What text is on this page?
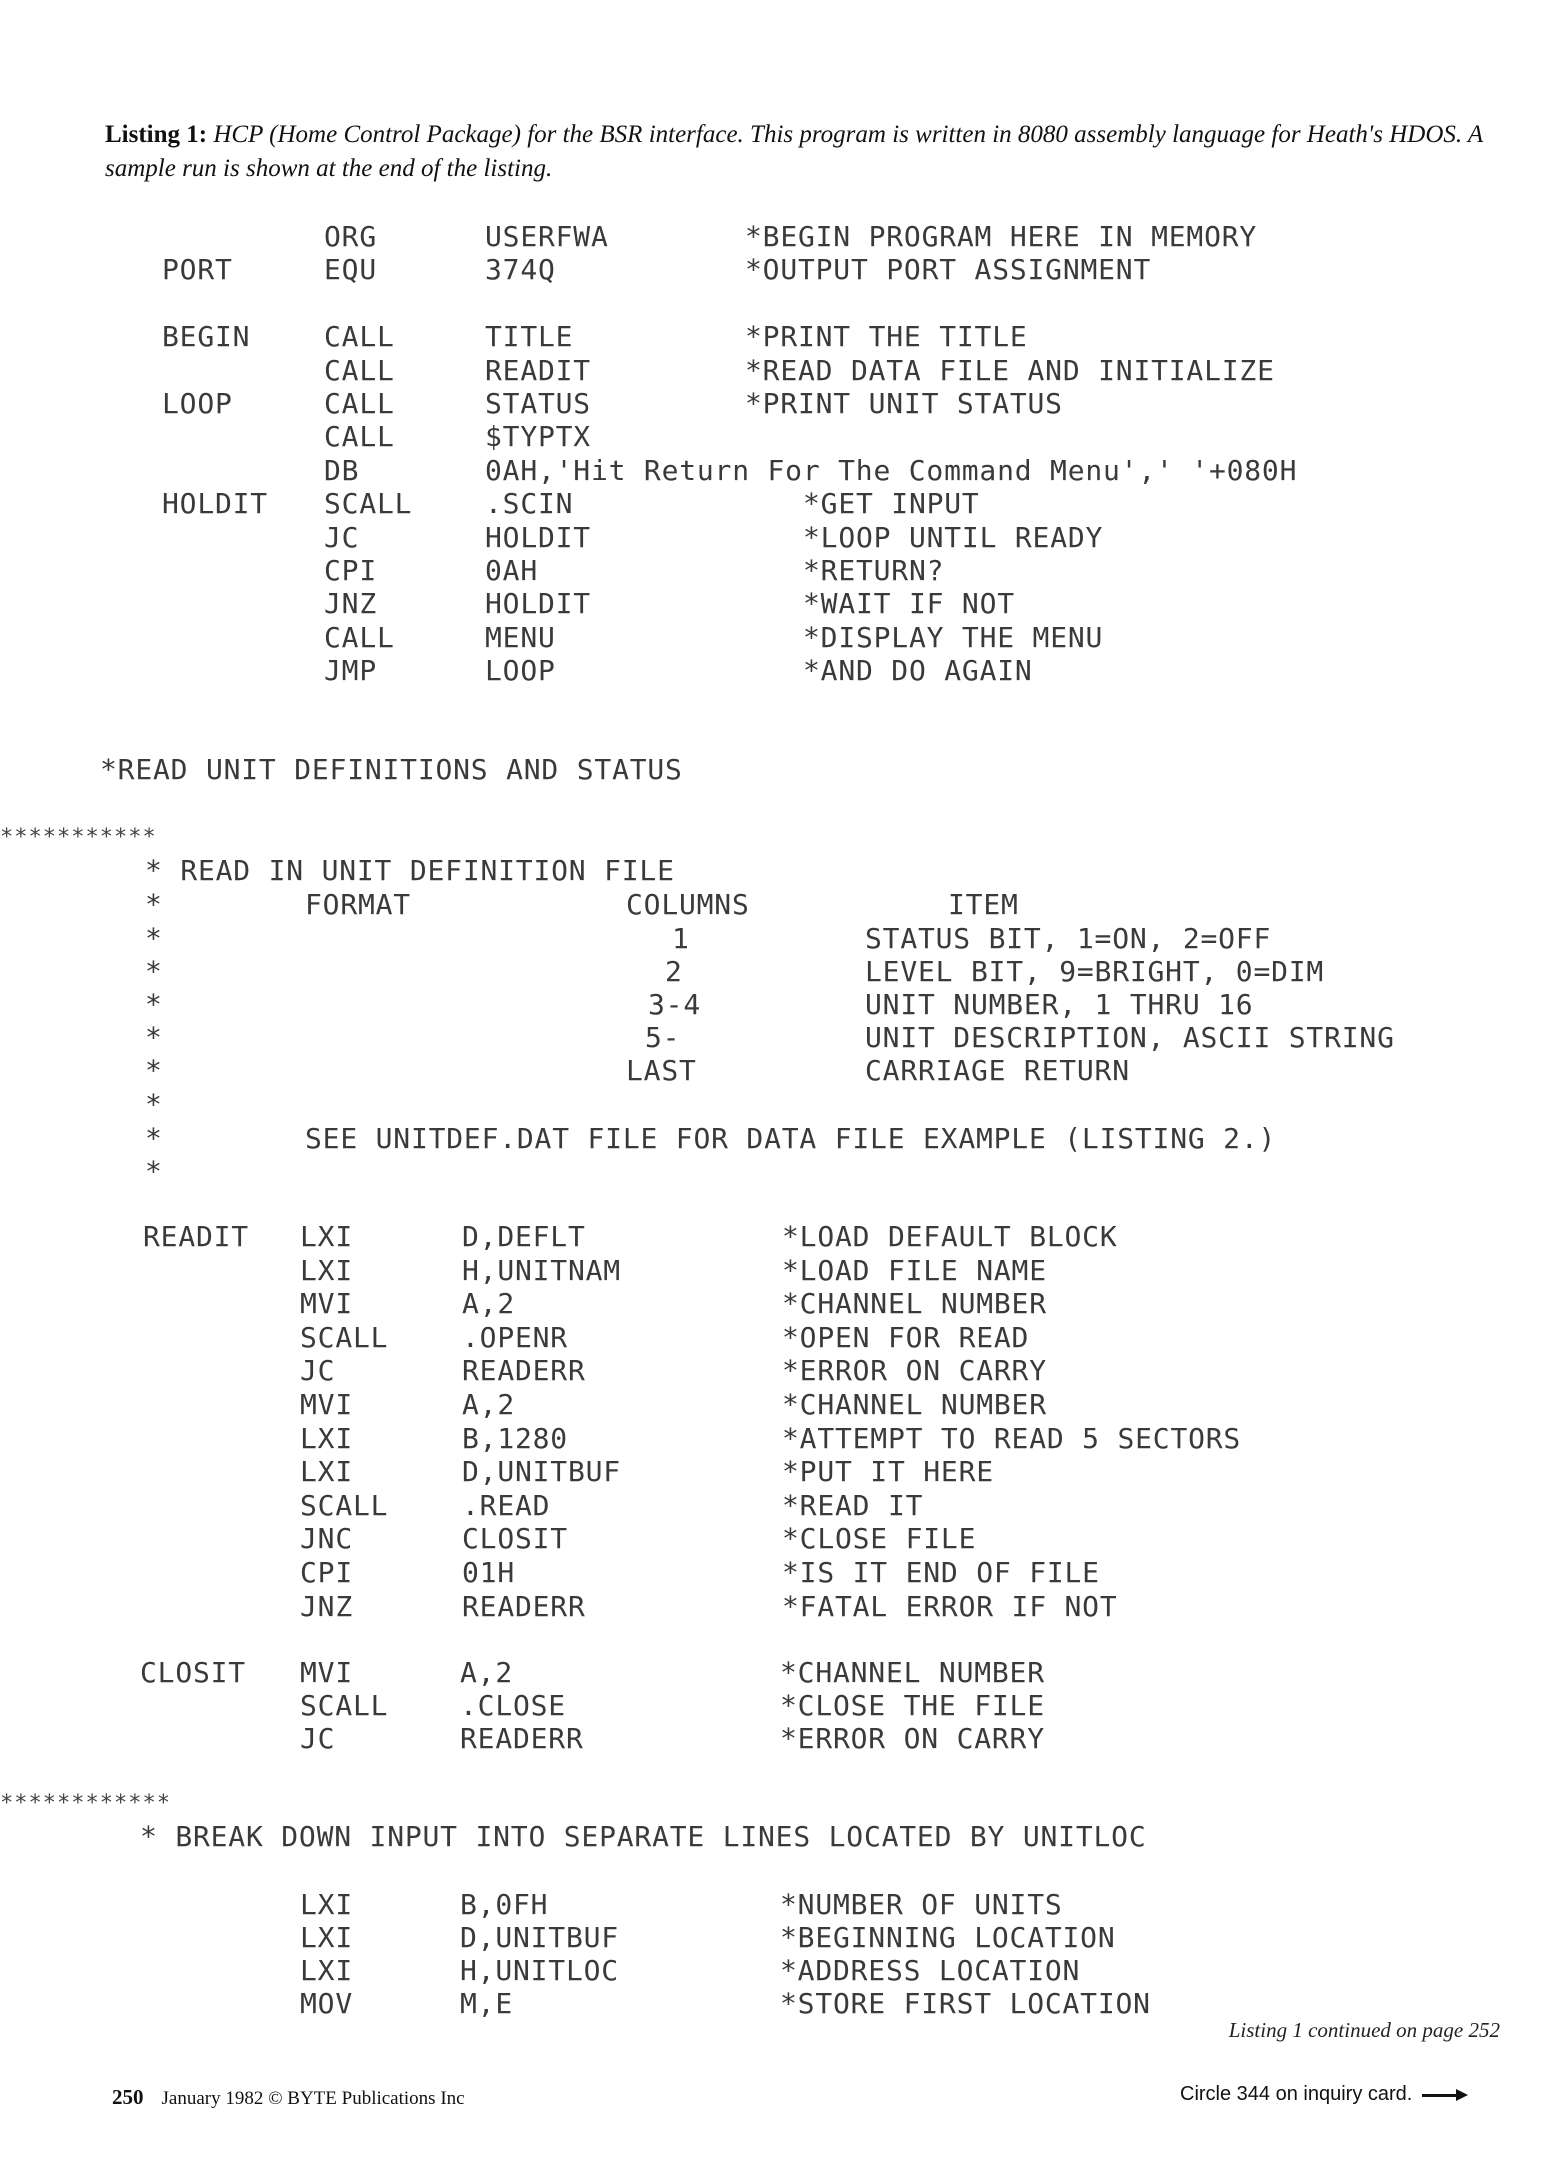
Listing 1: HCP (Home Control Package) for the BSR interface. This program is written in 8080 assembly language for Heath's HDOS. A sample run is shown at the end of the listing.
ORG	USERFWA	*BEGIN PROGRAM HERE IN MEMORY
PORT	EQU	374Q	*OUTPUT PORT ASSIGNMENT
BEGIN	CALL	TITLE	*PRINT THE TITLE
CALL	READIT	*READ DATA FILE AND INITIALIZE
LOOP	CALL	STATUS	*PRINT UNIT STATUS
CALL	$TYPTX
DB	0AH,'Hit Return For The Command Menu',' '+080H
HOLDIT SCALL	.SCIN	*GET INPUT
JC	HOLDIT	*LOOP UNTIL READY
CPI	0AH	*RETURN?
JNZ	HOLDIT	*WAIT IF NOT
CALL	MENU	*DISPLAY THE MENU
JMP	LOOP	*AND DO AGAIN
*READ UNIT DEFINITIONS AND STATUS
***********
* READ IN UNIT DEFINITION FILE
*	FORMAT	COLUMNS	ITEM
*	1	STATUS BIT, 1=ON, 2=OFF
*	2	LEVEL BIT, 9=BRIGHT, 0=DIM
*	3-4	UNIT NUMBER, 1 THRU 16
*	5-	UNIT DESCRIPTION, ASCII STRING
*	LAST	CARRIAGE RETURN
*
*	SEE UNITDEF.DAT FILE FOR DATA FILE EXAMPLE (LISTING 2.)
*
READIT LXI	D,DEFLT	*LOAD DEFAULT BLOCK
LXI	H,UNITNAM	*LOAD FILE NAME
MVI	A,2	*CHANNEL NUMBER
SCALL	.OPENR	*OPEN FOR READ
JC	READERR	*ERROR ON CARRY
MVI	A,2	*CHANNEL NUMBER
LXI	B,1280	*ATTEMPT TO READ 5 SECTORS
LXI	D,UNITBUF	*PUT IT HERE
SCALL	.READ	*READ IT
JNC	CLOSIT	*CLOSE FILE
CPI	01H	*IS IT END OF FILE
JNZ	READERR	*FATAL ERROR IF NOT
CLOSIT MVI	A,2	*CHANNEL NUMBER
SCALL	.CLOSE	*CLOSE THE FILE
JC	READERR	*ERROR ON CARRY
************
* BREAK DOWN INPUT INTO SEPARATE LINES LOCATED BY UNITLOC
LXI	B,0FH	*NUMBER OF UNITS
LXI	D,UNITBUF	*BEGINNING LOCATION
LXI	H,UNITLOC	*ADDRESS LOCATION
MOV	M,E	*STORE FIRST LOCATION
Listing 1 continued on page 252
250 January 1982 © BYTE Publications Inc	Circle 344 on inquiry card.
